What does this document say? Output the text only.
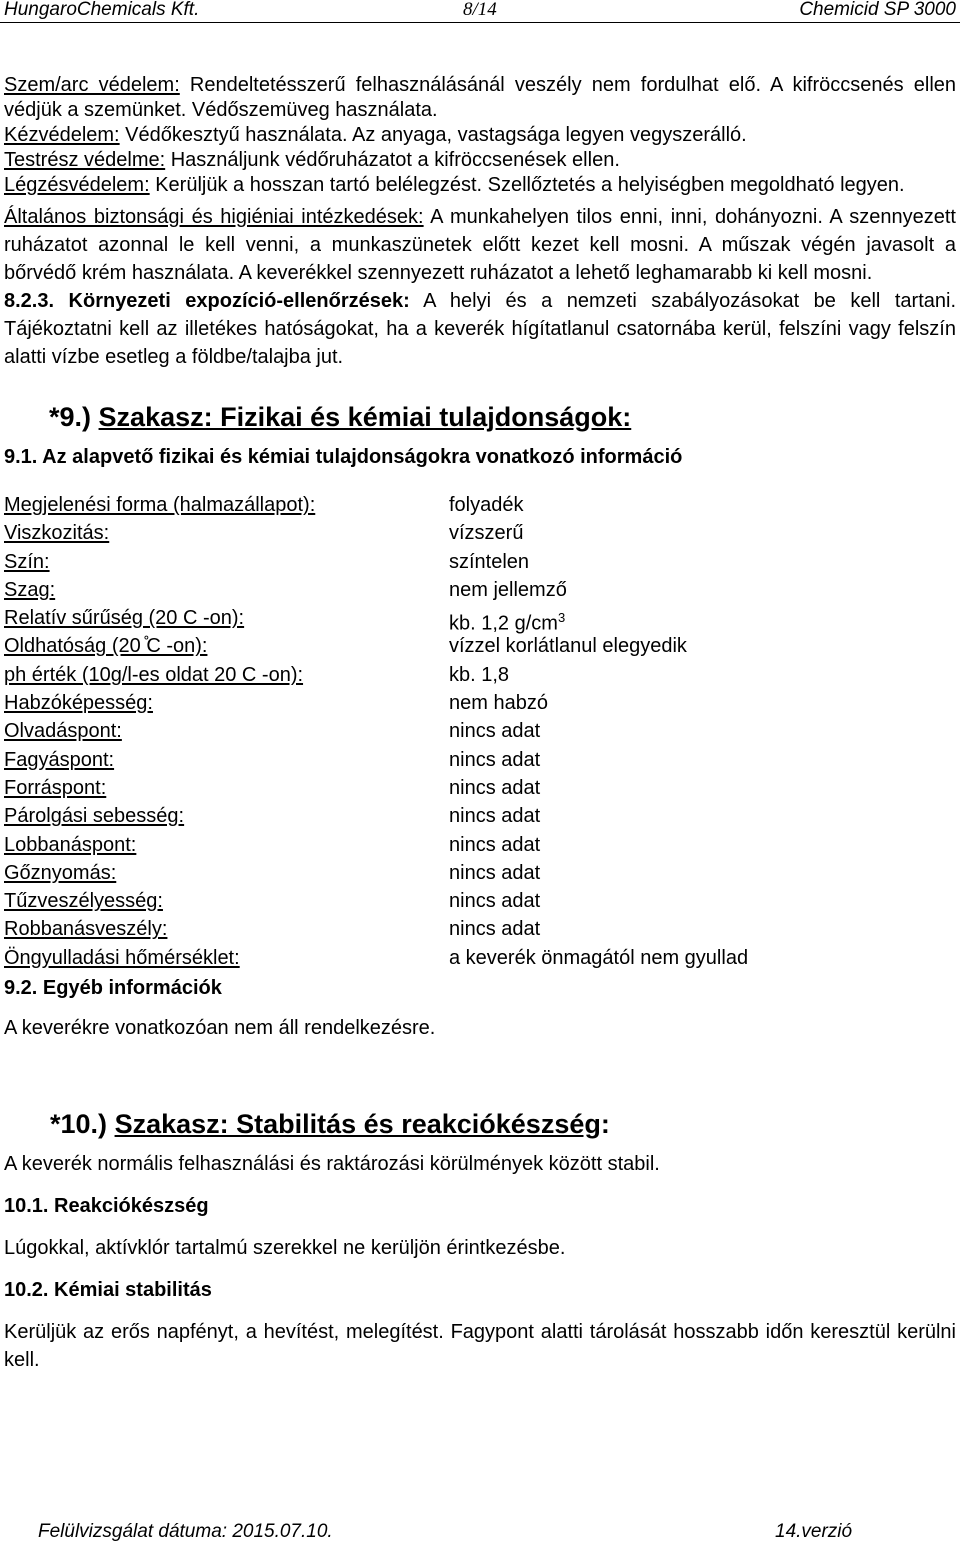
HungaroChemicals Kft.	8/14	Chemicid SP 3000

Szem/arc védelem: Rendeltetésszerű felhasználásánál veszély nem fordulhat elő. A kifröccsenés ellen védjük a szemünket. Védőszemüveg használata.

Kézvédelem: Védőkesztyű használata. Az anyaga, vastagsága legyen vegyszerálló.

Testrész védelme: Használjunk védőruházatot a kifröccsenések ellen.

Légzésvédelem: Kerüljük a hosszan tartó belélegzést. Szellőztetés a helyiségben megoldható legyen.

Általános biztonsági és higiéniai intézkedések: A munkahelyen tilos enni, inni, dohányozni. A szennyezett ruházatot azonnal le kell venni, a munkaszünetek előtt kezet kell mosni. A műszak végén javasolt a bőrvédő krém használata. A keverékkel szennyezett ruházatot a lehető leghamarabb ki kell mosni.

8.2.3. Környezeti expozíció-ellenőrzések: A helyi és a nemzeti szabályozásokat be kell tartani. Tájékoztatni kell az illetékes hatóságokat, ha a keverék hígítatlanul csatornába kerül, felszíni vagy felszín alatti vízbe esetleg a földbe/talajba jut.

*9.) Szakasz: Fizikai és kémiai tulajdonságok:

9.1. Az alapvető fizikai és kémiai tulajdonságokra vonatkozó információ

Megjelenési forma (halmazállapot):	folyadék
Viszkozitás:	vízszerű
Szín:	színtelen
Szag:	nem jellemző
Relatív sűrűség (20 C -on):	kb. 1,2 $g/cm^3$
Oldhatóság (20 ̊C -on):	vízzel korlátlanul elegyedik
ph érték (10g/l-es oldat 20 C -on):	kb. 1,8
Habzóképesség:	nem habzó
Olvadáspont:	nincs adat
Fagyáspont:	nincs adat
Forráspont:	nincs adat
Párolgási sebesség:	nincs adat
Lobbanáspont:	nincs adat
Gőznyomás:	nincs adat
Tűzveszélyesség:	nincs adat
Robbanásveszély:	nincs adat
Öngyulladási hőmérséklet:	a keverék önmagától nem gyullad

9.2. Egyéb információk

A keverékre vonatkozóan nem áll rendelkezésre.

*10.) Szakasz: Stabilitás és reakciókészség:

A keverék normális felhasználási és raktározási körülmények között stabil.

10.1. Reakciókészség

Lúgokkal, aktívklór tartalmú szerekkel ne kerüljön érintkezésbe.

10.2. Kémiai stabilitás

Kerüljük az erős napfényt, a hevítést, melegítést. Fagypont alatti tárolását hosszabb időn keresztül kerülni kell.

Felülvizsgálat dátuma: 2015.07.10.	14.verzió
